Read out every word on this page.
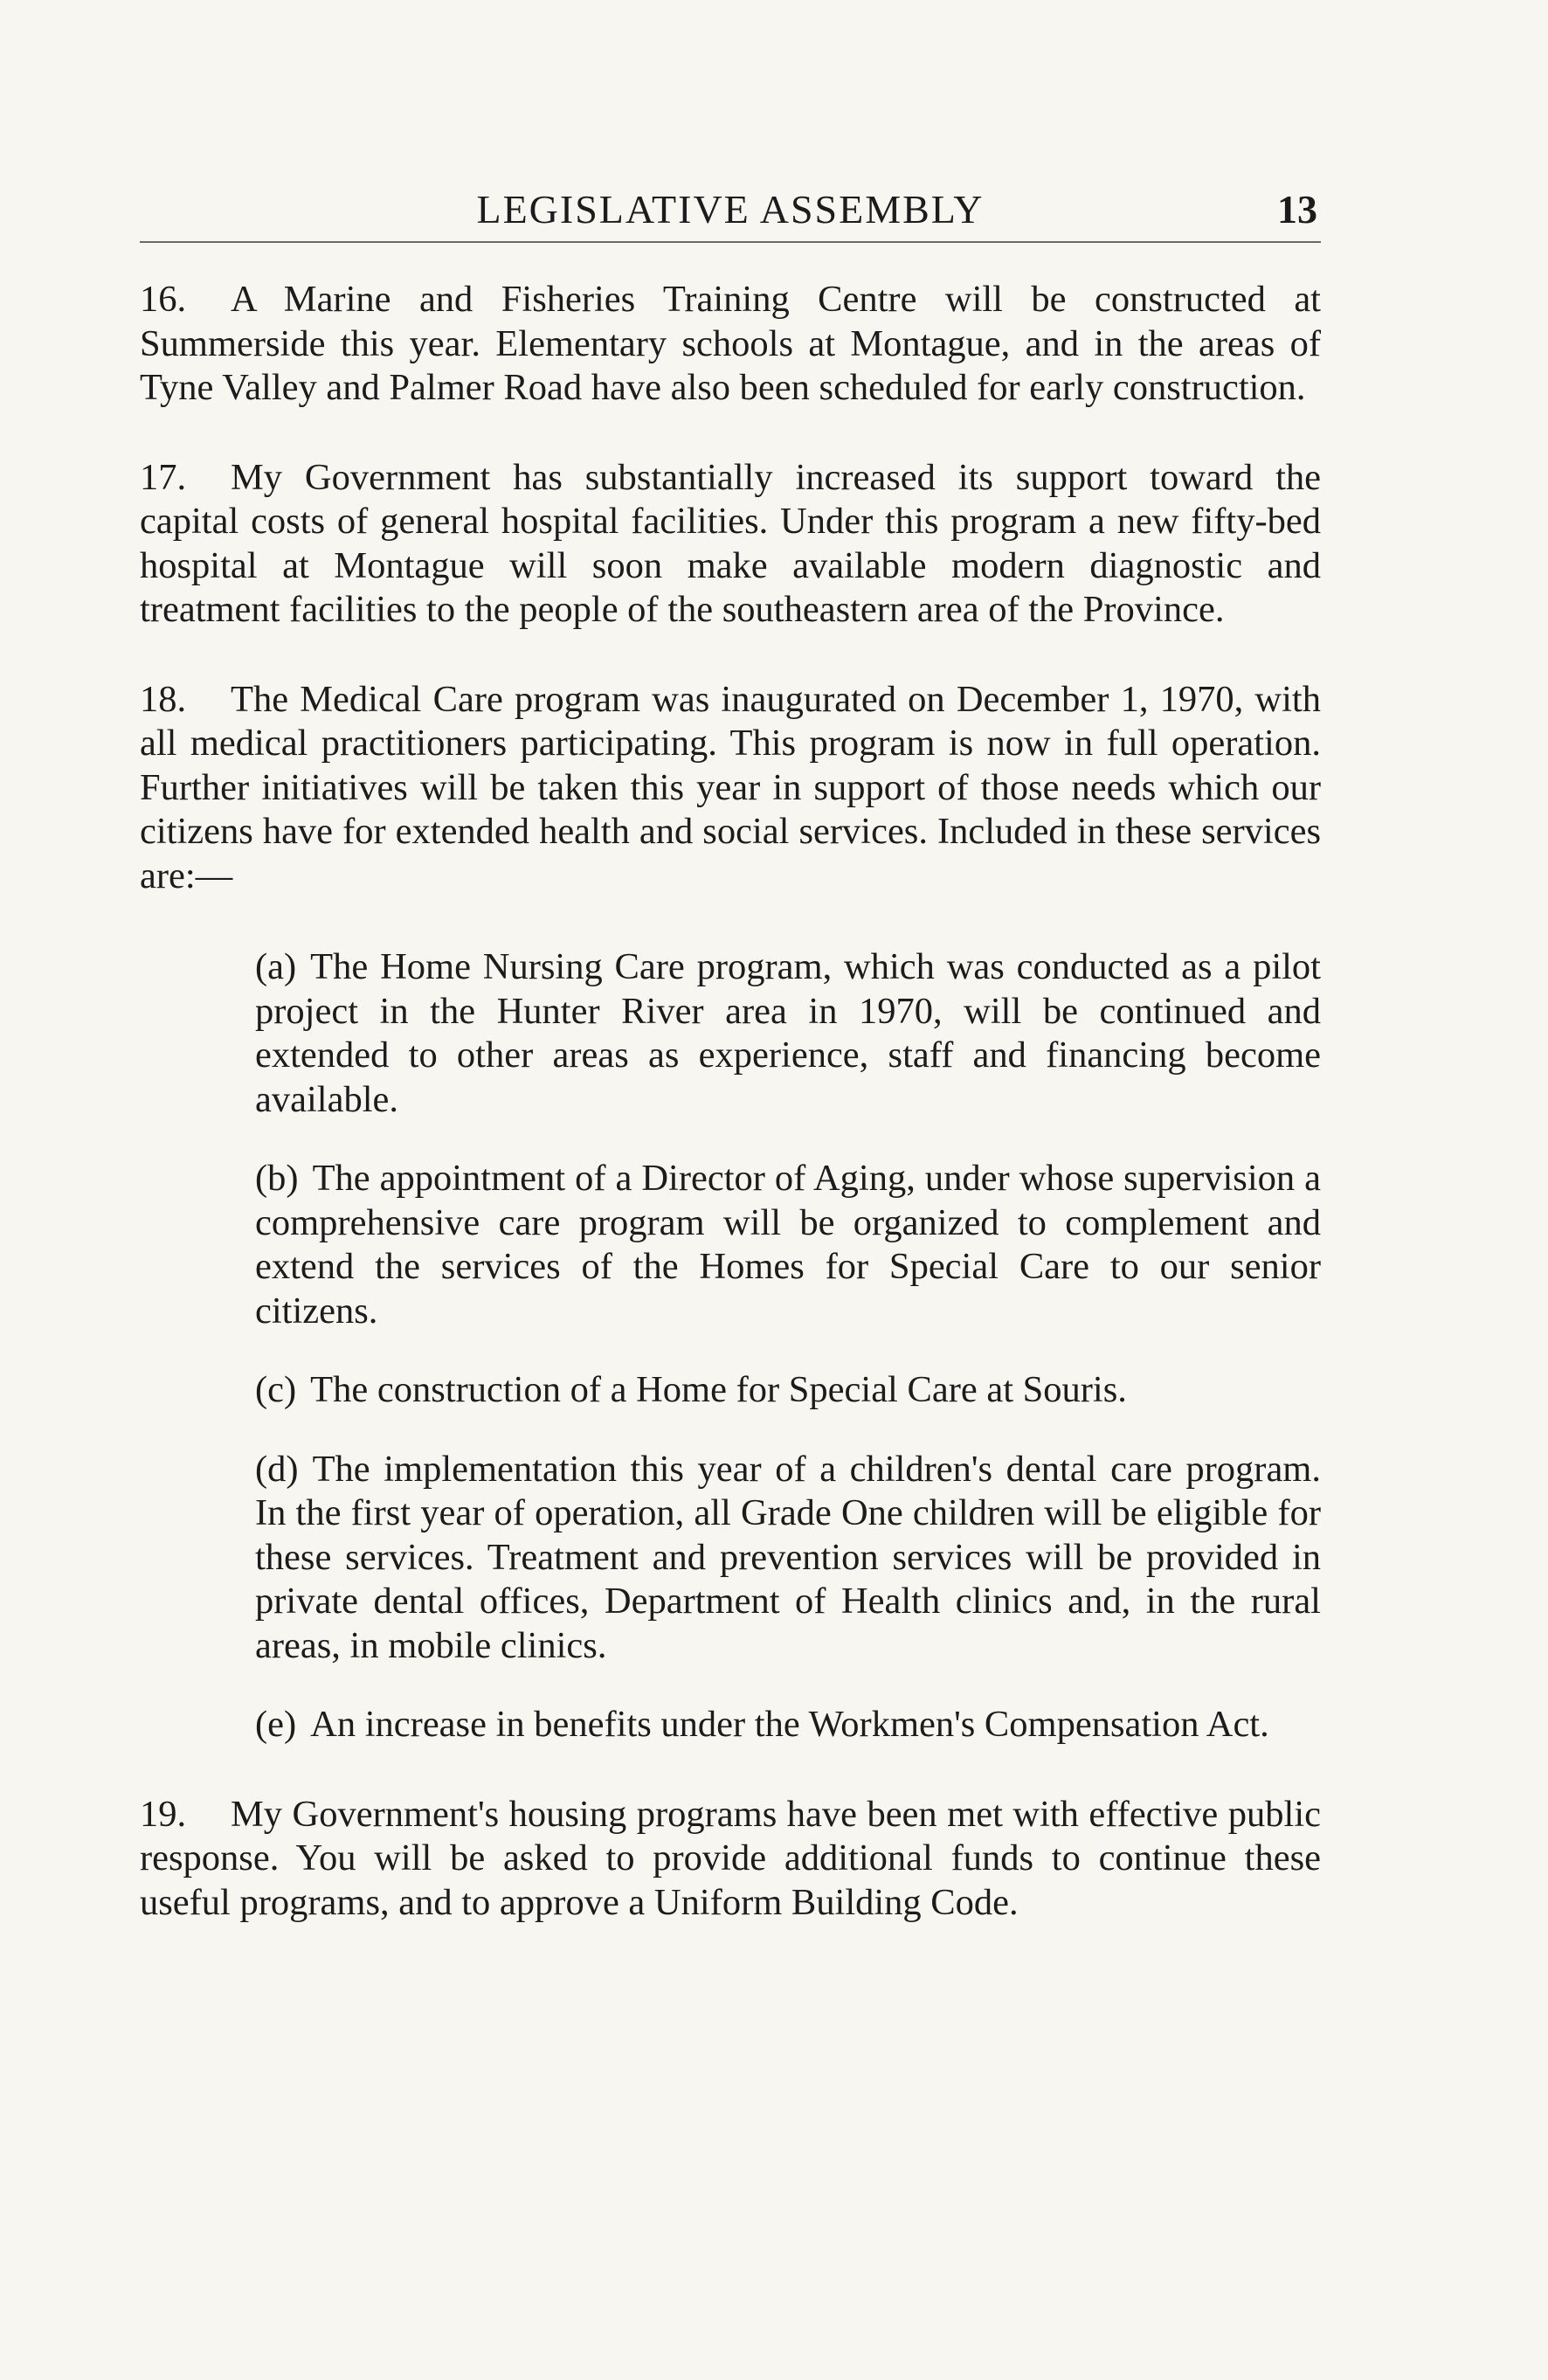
LEGISLATIVE ASSEMBLY	13

16. A Marine and Fisheries Training Centre will be constructed at Summerside this year. Elementary schools at Montague, and in the areas of Tyne Valley and Palmer Road have also been scheduled for early construction.

17. My Government has substantially increased its support toward the capital costs of general hospital facilities. Under this program a new fifty-bed hospital at Montague will soon make available modern diagnostic and treatment facilities to the people of the southeastern area of the Province.

18. The Medical Care program was inaugurated on December 1, 1970, with all medical practitioners participating. This program is now in full operation. Further initiatives will be taken this year in support of those needs which our citizens have for extended health and social services. Included in these services are:—

(a) The Home Nursing Care program, which was conducted as a pilot project in the Hunter River area in 1970, will be continued and extended to other areas as experience, staff and financing become available.

(b) The appointment of a Director of Aging, under whose supervision a comprehensive care program will be organized to complement and extend the services of the Homes for Special Care to our senior citizens.

(c) The construction of a Home for Special Care at Souris.

(d) The implementation this year of a children's dental care program. In the first year of operation, all Grade One children will be eligible for these services. Treatment and prevention services will be provided in private dental offices, Department of Health clinics and, in the rural areas, in mobile clinics.

(e) An increase in benefits under the Workmen's Compensation Act.

19. My Government's housing programs have been met with effective public response. You will be asked to provide additional funds to continue these useful programs, and to approve a Uniform Building Code.
